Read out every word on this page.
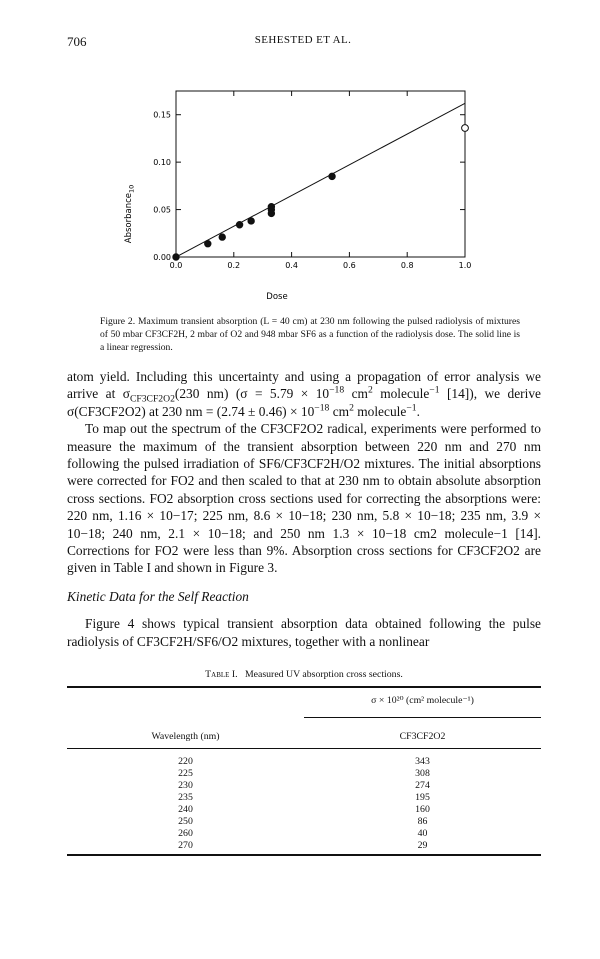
706	SEHESTED ET AL.
0.0	0.2	0.4	0.6	0.8	1.0
0.00
0.05
0.10
0.15
Dose
Absorbance$_{10}$
Figure 2. Maximum transient absorption (L = 40 cm) at 230 nm following the pulsed radiolysis of mixtures of 50 mbar CF3CF2H, 2 mbar of O2 and 948 mbar SF6 as a function of the radiolysis dose. The solid line is a linear regression.

atom yield. Including this uncertainty and using a propagation of error analysis we arrive at $\sigma_{CF3CF2O2}(230$ nm) ($\sigma = 5.79 \times 10^{-18}$ $cm^2$ molecule$^{-1}$ [14]), we derive σ(CF3CF2O2) at 230 nm = $(2.74 \pm 0.46) \times 10^{-18}$ $cm^2$ molecule$^{-1}$.

To map out the spectrum of the CF3CF2O2 radical, experiments were performed to measure the maximum of the transient absorption between 220 nm and 270 nm following the pulsed irradiation of SF6/CF3CF2H/O2 mixtures. The initial absorptions were corrected for FO2 and then scaled to that at 230 nm to obtain absolute absorption cross sections. FO2 absorption cross sections used for correcting the absorptions were: 220 nm, 1.16 × 10−17; 225 nm, 8.6 × 10−18; 230 nm, 5.8 × 10−18; 235 nm, 3.9 × 10−18; 240 nm, 2.1 × 10−18; and 250 nm 1.3 × 10−18 cm2 molecule−1 [14]. Corrections for FO2 were less than 9%. Absorption cross sections for CF3CF2O2 are given in Table I and shown in Figure 3.

Kinetic Data for the Self Reaction

Figure 4 shows typical transient absorption data obtained following the pulse radiolysis of CF3CF2H/SF6/O2 mixtures, together with a nonlinear

Table I. Measured UV absorption cross sections.

	σ × 10²⁰ (cm² molecule⁻¹)

Wavelength (nm)	CF3CF2O2

220	343
225	308
230	274
235	195
240	160
250	86
260	40
270	29
